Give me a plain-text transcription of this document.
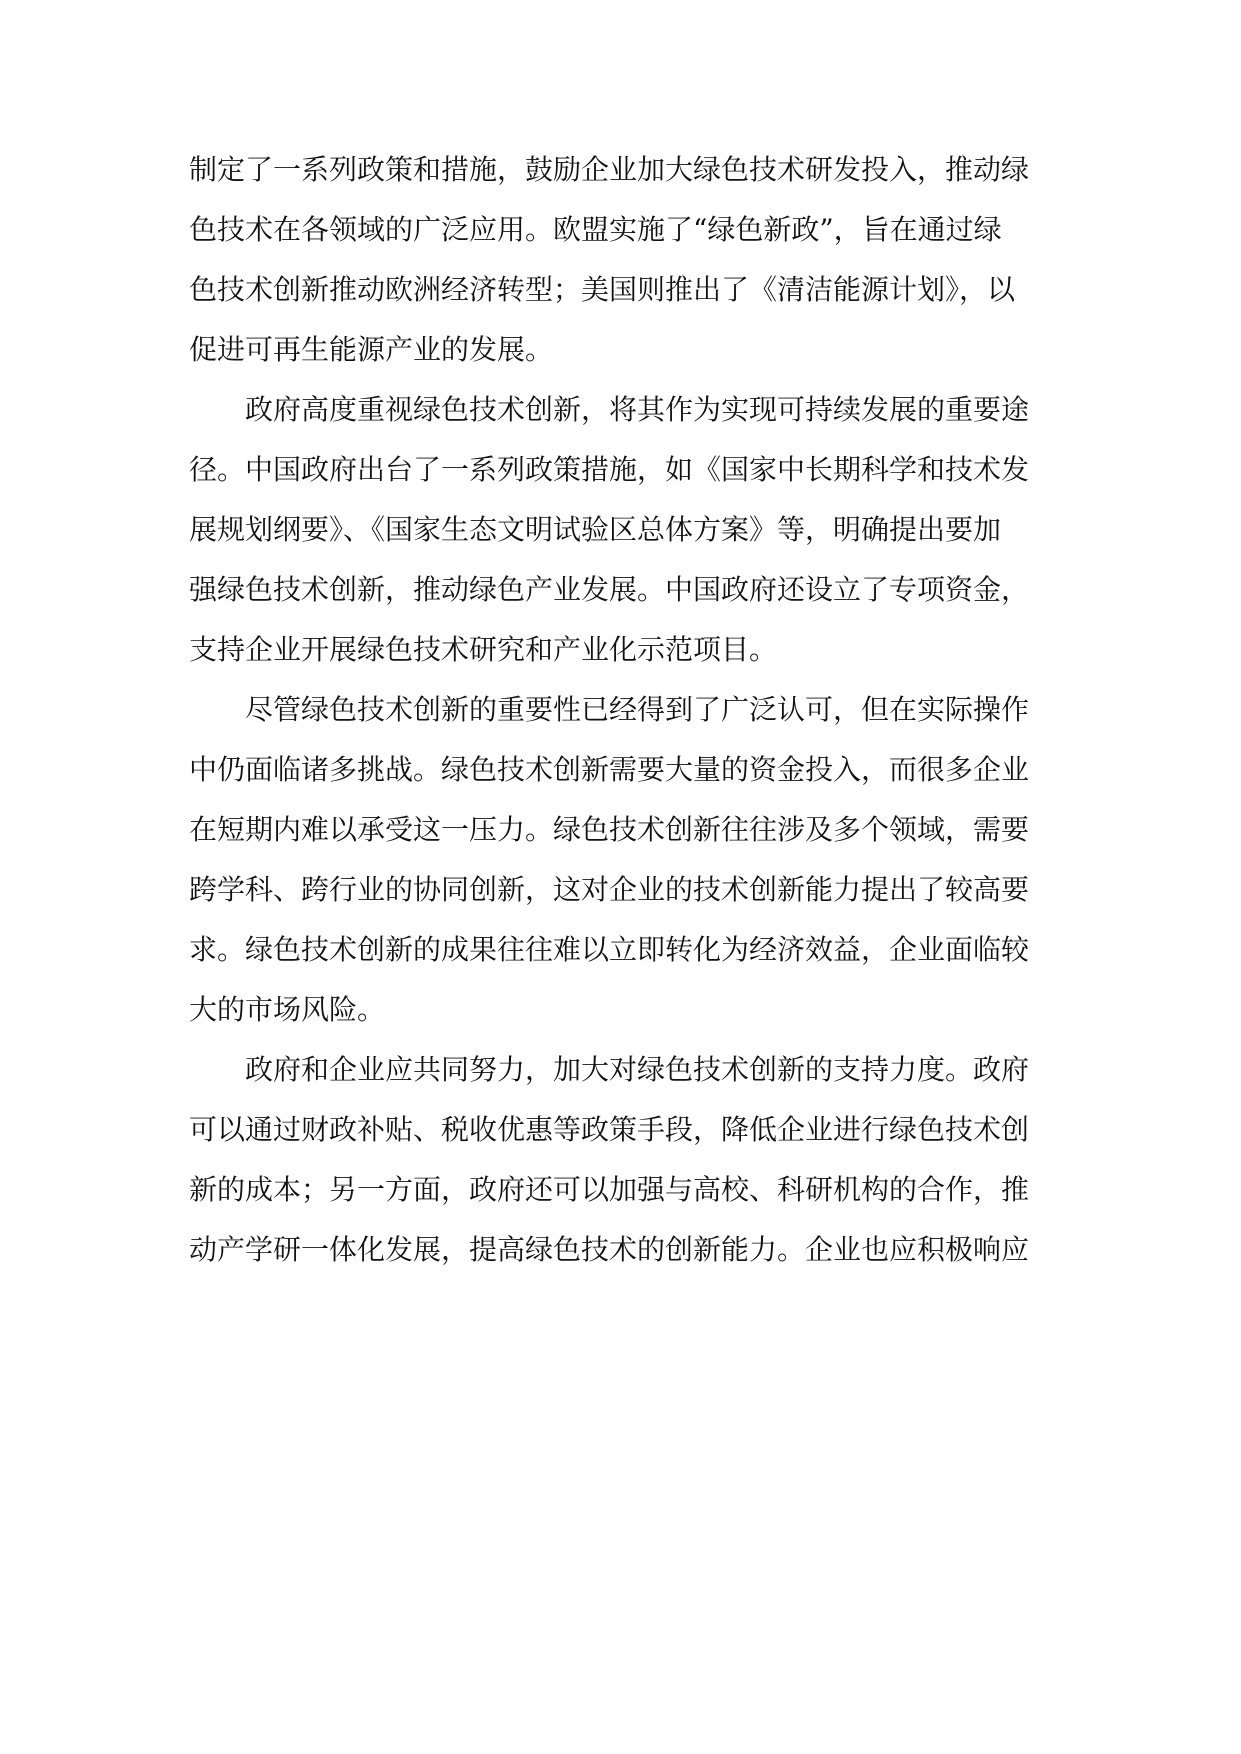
制定了一系列政策和措施，鼓励企业加大绿色技术研发投入，推动绿
色技术在各领域的广泛应用。欧盟实施了“绿色新政”，旨在通过绿
色技术创新推动欧洲经济转型；美国则推出了《清洁能源计划》，以
促进可再生能源产业的发展。
政府高度重视绿色技术创新，将其作为实现可持续发展的重要途
径。中国政府出台了一系列政策措施，如《国家中长期科学和技术发
展规划纲要》、《国家生态文明试验区总体方案》等，明确提出要加
强绿色技术创新，推动绿色产业发展。中国政府还设立了专项资金，
支持企业开展绿色技术研究和产业化示范项目。
尽管绿色技术创新的重要性已经得到了广泛认可，但在实际操作
中仍面临诸多挑战。绿色技术创新需要大量的资金投入，而很多企业
在短期内难以承受这一压力。绿色技术创新往往涉及多个领域，需要
跨学科、跨行业的协同创新，这对企业的技术创新能力提出了较高要
求。绿色技术创新的成果往往难以立即转化为经济效益，企业面临较
大的市场风险。
政府和企业应共同努力，加大对绿色技术创新的支持力度。政府
可以通过财政补贴、税收优惠等政策手段，降低企业进行绿色技术创
新的成本；另一方面，政府还可以加强与高校、科研机构的合作，推
动产学研一体化发展，提高绿色技术的创新能力。企业也应积极响应
